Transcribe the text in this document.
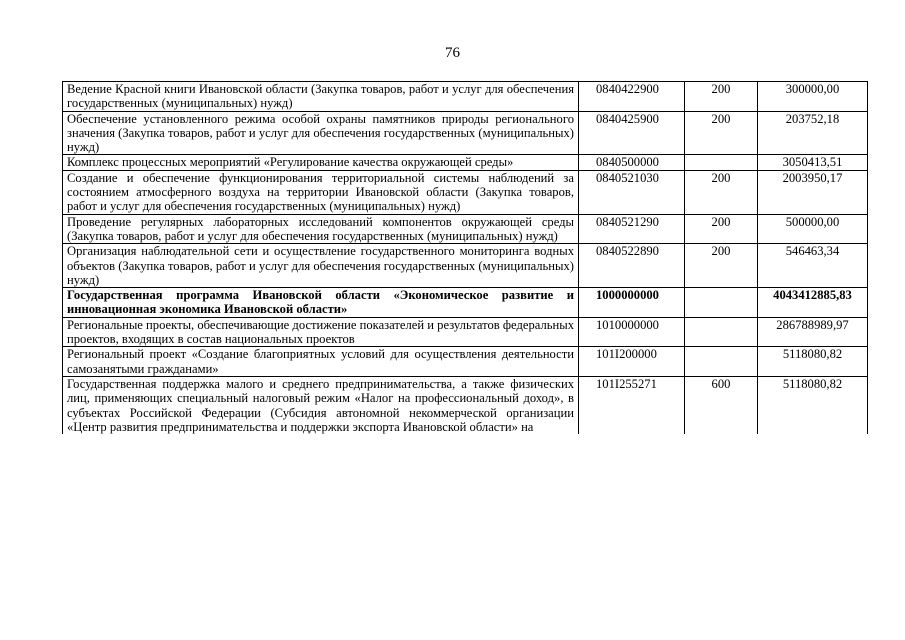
76
Ведение Красной книги Ивановской области (Закупка товаров, работ и услуг для обеспечения государственных (муниципальных) нужд)	0840422900	200	300000,00
Обеспечение установленного режима особой охраны памятников природы регионального значения (Закупка товаров, работ и услуг для обеспечения государственных (муниципальных) нужд)	0840425900	200	203752,18
Комплекс процессных мероприятий «Регулирование качества окружающей среды»	0840500000		3050413,51
Создание и обеспечение функционирования территориальной системы наблюдений за состоянием атмосферного воздуха на территории Ивановской области (Закупка товаров, работ и услуг для обеспечения государственных (муниципальных) нужд)	0840521030	200	2003950,17
Проведение регулярных лабораторных исследований компонентов окружающей среды (Закупка товаров, работ и услуг для обеспечения государственных (муниципальных) нужд)	0840521290	200	500000,00
Организация наблюдательной сети и осуществление государственного мониторинга водных объектов (Закупка товаров, работ и услуг для обеспечения государственных (муниципальных) нужд)	0840522890	200	546463,34
Государственная программа Ивановской области «Экономическое развитие и инновационная экономика Ивановской области»	1000000000		4043412885,83
Региональные проекты, обеспечивающие достижение показателей и результатов федеральных проектов, входящих в состав национальных проектов	1010000000		286788989,97
Региональный проект «Создание благоприятных условий для осуществления деятельности самозанятыми гражданами»	101I200000		5118080,82
Государственная поддержка малого и среднего предпринимательства, а также физических лиц, применяющих специальный налоговый режим «Налог на профессиональный доход», в субъектах Российской Федерации (Субсидия автономной некоммерческой организации «Центр развития предпринимательства и поддержки экспорта Ивановской области» на	101I255271	600	5118080,82
